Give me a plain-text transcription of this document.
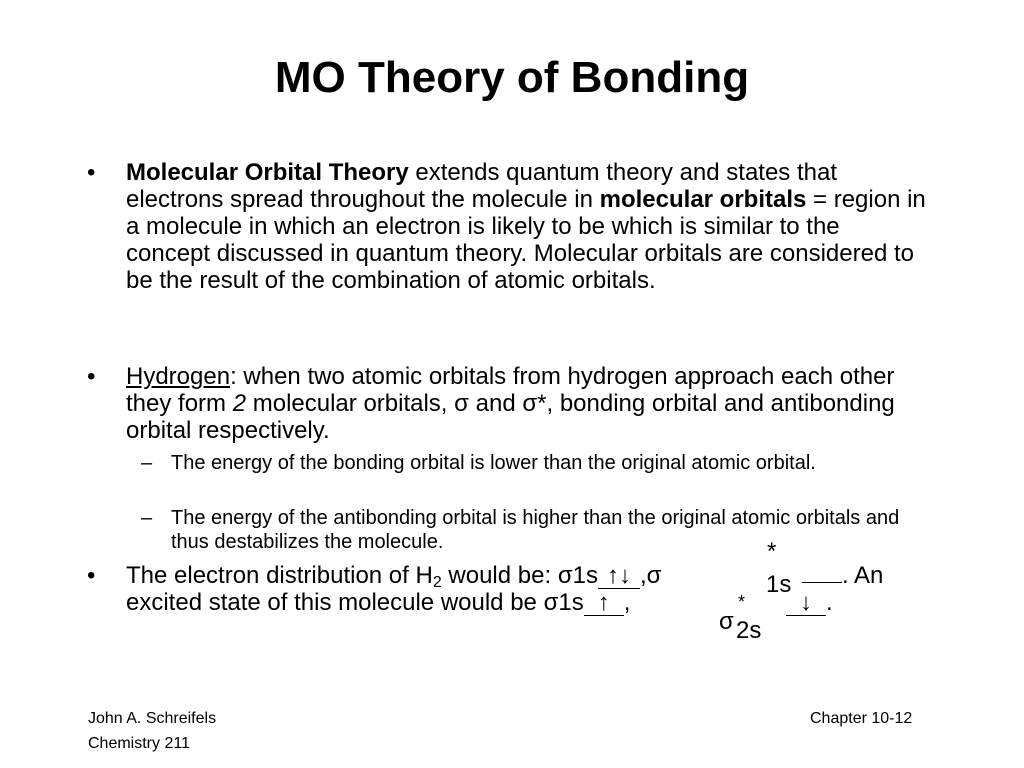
MO Theory of Bonding
• Molecular Orbital Theory extends quantum theory and states that electrons spread throughout the molecule in molecular orbitals = region in a molecule in which an electron is likely to be which is similar to the concept discussed in quantum theory. Molecular orbitals are considered to be the result of the combination of atomic orbitals.
• Hydrogen: when two atomic orbitals from hydrogen approach each other they form 2 molecular orbitals, σ and σ*, bonding orbital and antibonding orbital respectively.
– The energy of the bonding orbital is lower than the original atomic orbital.
– The energy of the antibonding orbital is higher than the original atomic orbitals and thus destabilizes the molecule.
• The electron distribution of $H_2$ would be: σ1s ↑↓ ,σ
*
1s	. An
excited state of this molecule would be σ1s ↑ ,
σ
*
2s
↓ .
John A. Schreifels
Chemistry 211
Chapter 10-12
